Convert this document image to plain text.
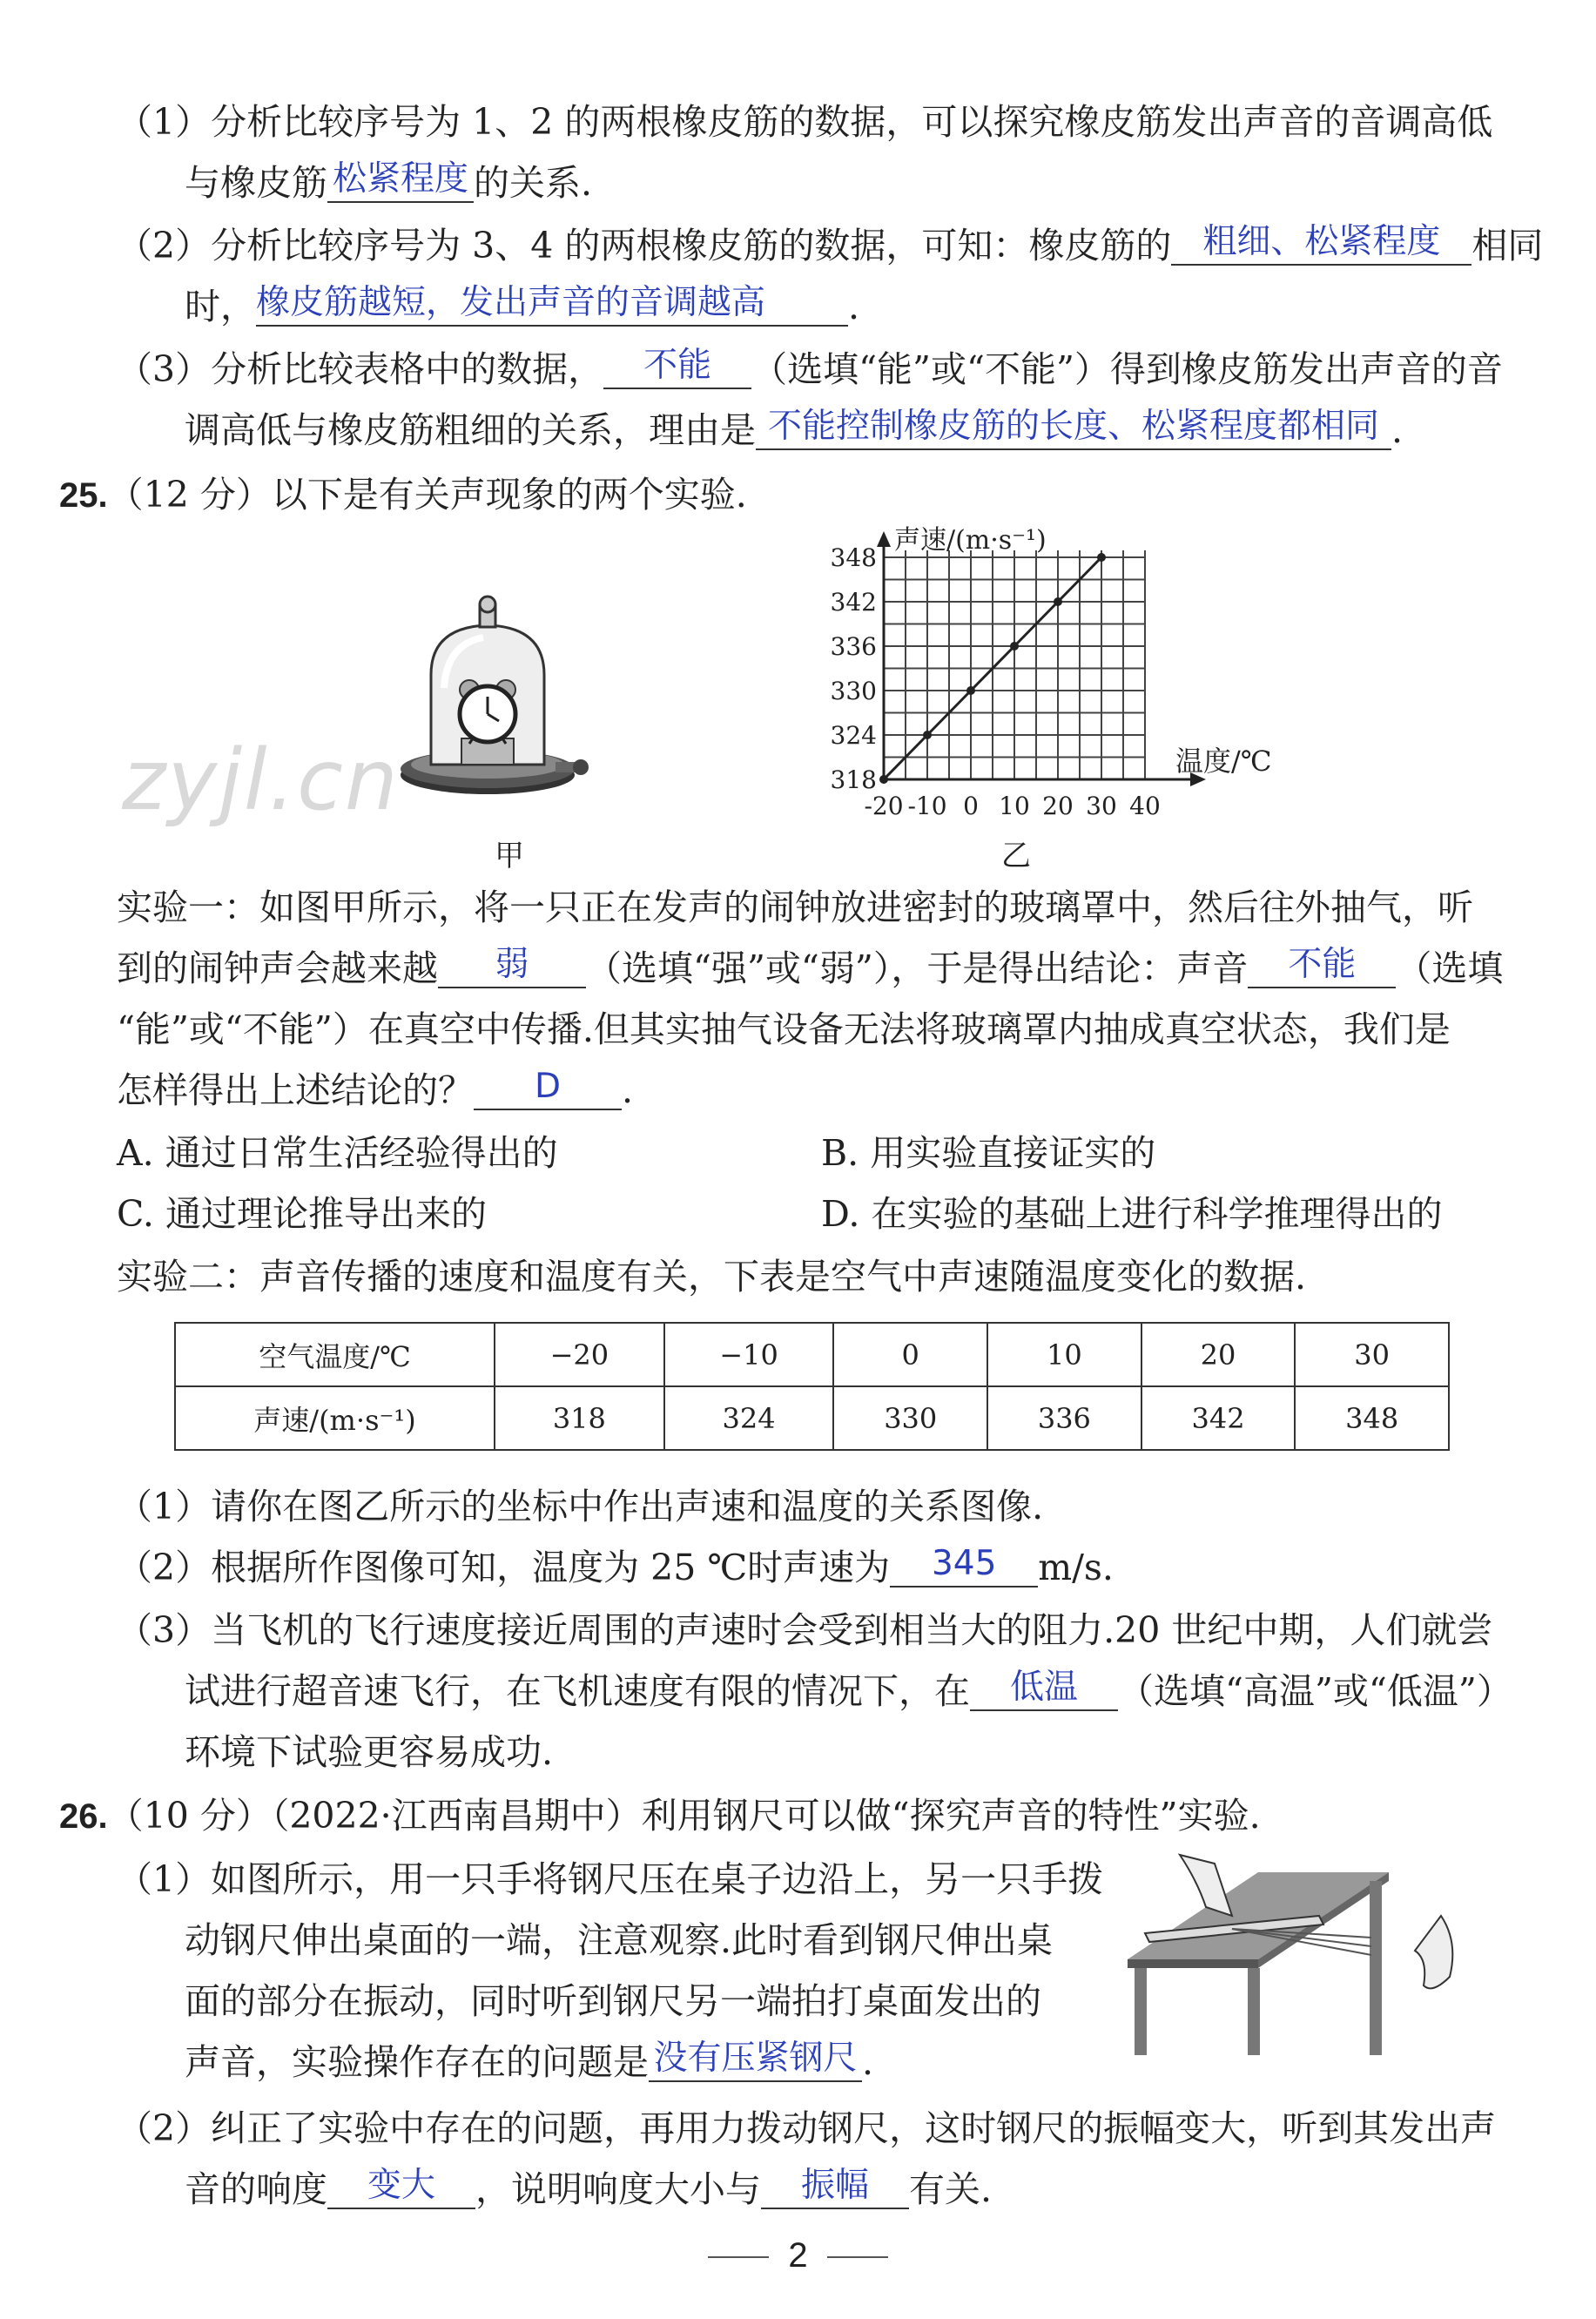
（1）分析比较序号为 1、2 的两根橡皮筋的数据，可以探究橡皮筋发出声音的音调高低
与橡皮筋 松紧程度 的关系.
（2）分析比较序号为 3、4 的两根橡皮筋的数据，可知：橡皮筋的 粗细、松紧程度 相同
时，橡皮筋越短，发出声音的音调越高 .
（3）分析比较表格中的数据， 不能 （选填“能”或“不能”）得到橡皮筋发出声音的音
调高低与橡皮筋粗细的关系，理由是 不能控制橡皮筋的长度、松紧程度都相同 .
25.（12 分）以下是有关声现象的两个实验.
zyjl.cn
甲
318
324
330
336
342
348
-20 -10 0 10 20 30 40
声速/(m·s⁻¹)
温度/℃
乙
实验一：如图甲所示，将一只正在发声的闹钟放进密封的玻璃罩中，然后往外抽气，听
到的闹钟声会越来越 弱 （选填“强”或“弱”），于是得出结论：声音 不能 （选填
“能”或“不能”）在真空中传播.但其实抽气设备无法将玻璃罩内抽成真空状态，我们是
怎样得出上述结论的？ D .
A. 通过日常生活经验得出的	B. 用实验直接证实的
C. 通过理论推导出来的	D. 在实验的基础上进行科学推理得出的
实验二：声音传播的速度和温度有关，下表是空气中声速随温度变化的数据.
空气温度/℃	−20	−10	0	10	20	30
声速/(m·s⁻¹)	318	324	330	336	342	348
（1）请你在图乙所示的坐标中作出声速和温度的关系图像.
（2）根据所作图像可知，温度为 25 ℃时声速为 345 m/s.
（3）当飞机的飞行速度接近周围的声速时会受到相当大的阻力.20 世纪中期，人们就尝
试进行超音速飞行，在飞机速度有限的情况下，在 低温 （选填“高温”或“低温”）
环境下试验更容易成功.
26.（10 分）（2022·江西南昌期中）利用钢尺可以做“探究声音的特性”实验.
（1）如图所示，用一只手将钢尺压在桌子边沿上，另一只手拨
动钢尺伸出桌面的一端，注意观察.此时看到钢尺伸出桌
面的部分在振动，同时听到钢尺另一端拍打桌面发出的
声音，实验操作存在的问题是 没有压紧钢尺 .
（2）纠正了实验中存在的问题，再用力拨动钢尺，这时钢尺的振幅变大，听到其发出声
音的响度 变大 ，说明响度大小与 振幅 有关.
2
